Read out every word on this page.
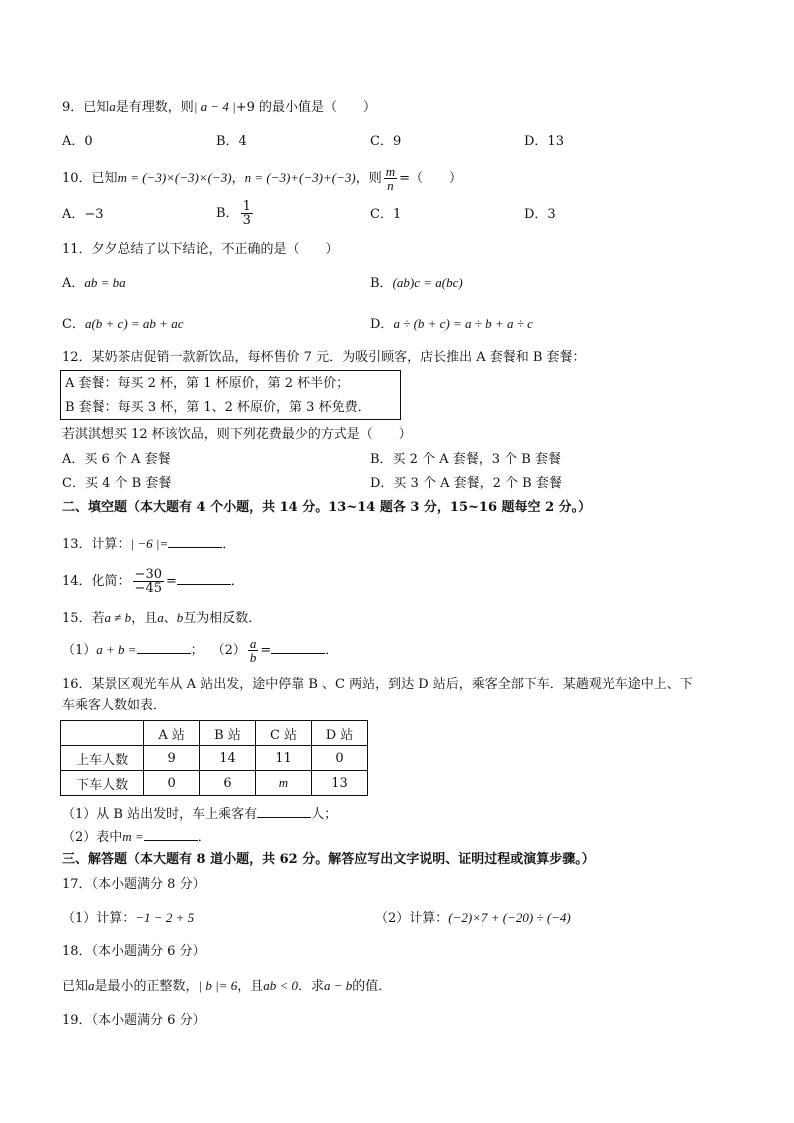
9．已知a是有理数，则| a − 4 |+9 的最小值是（　　）
A．0	B．4	C．9	D．13
10．已知m = (−3)×(−3)×(−3)，n = (−3)+(−3)+(−3)，则 $\frac{m}{n}$ =（　　）
A．−3	B． $\frac{1}{3}$	C．1	D．3
11．夕夕总结了以下结论，不正确的是（　　）
A．ab = ba	B．(ab)c = a(bc)
C．a(b + c) = ab + ac	D．a ÷ (b + c) = a ÷ b + a ÷ c
12．某奶茶店促销一款新饮品，每杯售价 7 元．为吸引顾客，店长推出 A 套餐和 B 套餐：
A 套餐：每买 2 杯，第 1 杯原价，第 2 杯半价；
B 套餐：每买 3 杯，第 1、2 杯原价，第 3 杯免费．
若淇淇想买 12 杯该饮品，则下列花费最少的方式是（　　）
A．买 6 个 A 套餐	B．买 2 个 A 套餐，3 个 B 套餐
C．买 4 个 B 套餐	D．买 3 个 A 套餐，2 个 B 套餐
二、填空题（本大题有 4 个小题，共 14 分。13~14 题各 3 分，15~16 题每空 2 分。）
13．计算：| −6 |=	．
14．化简： $\frac{-30}{-45}$ =	．
15．若a ≠ b，且a、b互为相反数．
（1）a + b =	； $(2) \frac{a}{b}$ =	．
16．某景区观光车从 A 站出发，途中停靠 B 、C 两站，到达 D 站后，乘客全部下车．某趟观光车途中上、下
车乘客人数如表．
	A 站	B 站	C 站	D 站
上车人数	9	14	11	0
下车人数	0	6	m	13
（1）从 B 站出发时，车上乘客有	人；
（2）表中m =	．
三、解答题（本大题有 8 道小题，共 62 分。解答应写出文字说明、证明过程或演算步骤。）
17．（本小题满分 8 分）
（1）计算：−1 − 2 + 5	（2）计算：(−2)×7 + (−20) ÷ (−4)
18．（本小题满分 6 分）
已知a是最小的正整数，| b |= 6，且ab < 0．求a − b的值．
19．（本小题满分 6 分）
